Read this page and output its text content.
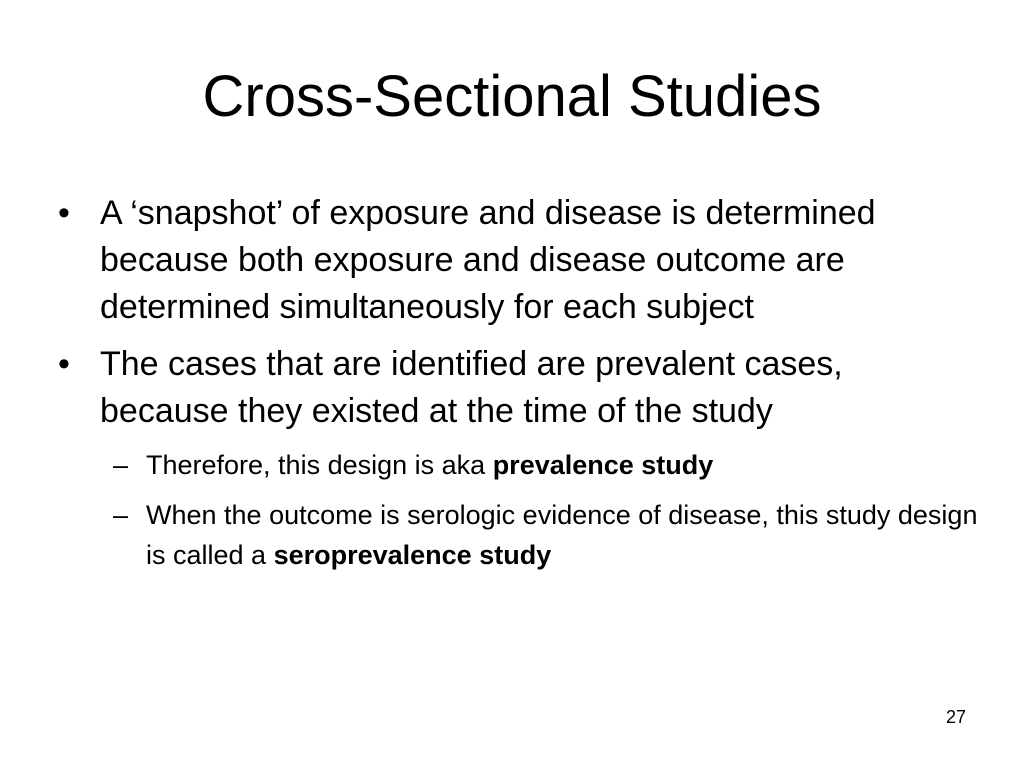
Cross-Sectional Studies
• A ‘snapshot’ of exposure and disease is determined because both exposure and disease outcome are determined simultaneously for each subject
• The cases that are identified are prevalent cases, because they existed at the time of the study
– Therefore, this design is aka prevalence study
– When the outcome is serologic evidence of disease, this study design is called a seroprevalence study
27
